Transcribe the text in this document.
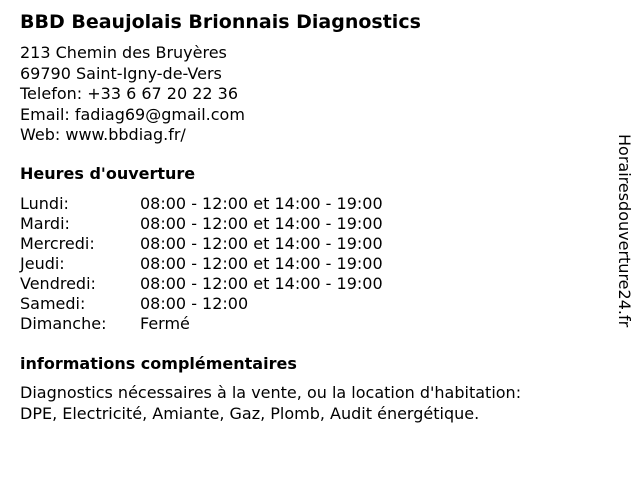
BBD Beaujolais Brionnais Diagnostics
213 Chemin des Bruyères
69790 Saint-Igny-de-Vers
Telefon: +33 6 67 20 22 36
Email: fadiag69@gmail.com
Web: www.bbdiag.fr/
Heures d'ouverture
Lundi:	08:00 - 12:00 et 14:00 - 19:00
Mardi:	08:00 - 12:00 et 14:00 - 19:00
Mercredi:	08:00 - 12:00 et 14:00 - 19:00
Jeudi:	08:00 - 12:00 et 14:00 - 19:00
Vendredi:	08:00 - 12:00 et 14:00 - 19:00
Samedi:	08:00 - 12:00
Dimanche: Fermé
informations complémentaires
Diagnostics nécessaires à la vente, ou la location d'habitation:
DPE, Electricité, Amiante, Gaz, Plomb, Audit énergétique.
Horairesdouverture24.fr
